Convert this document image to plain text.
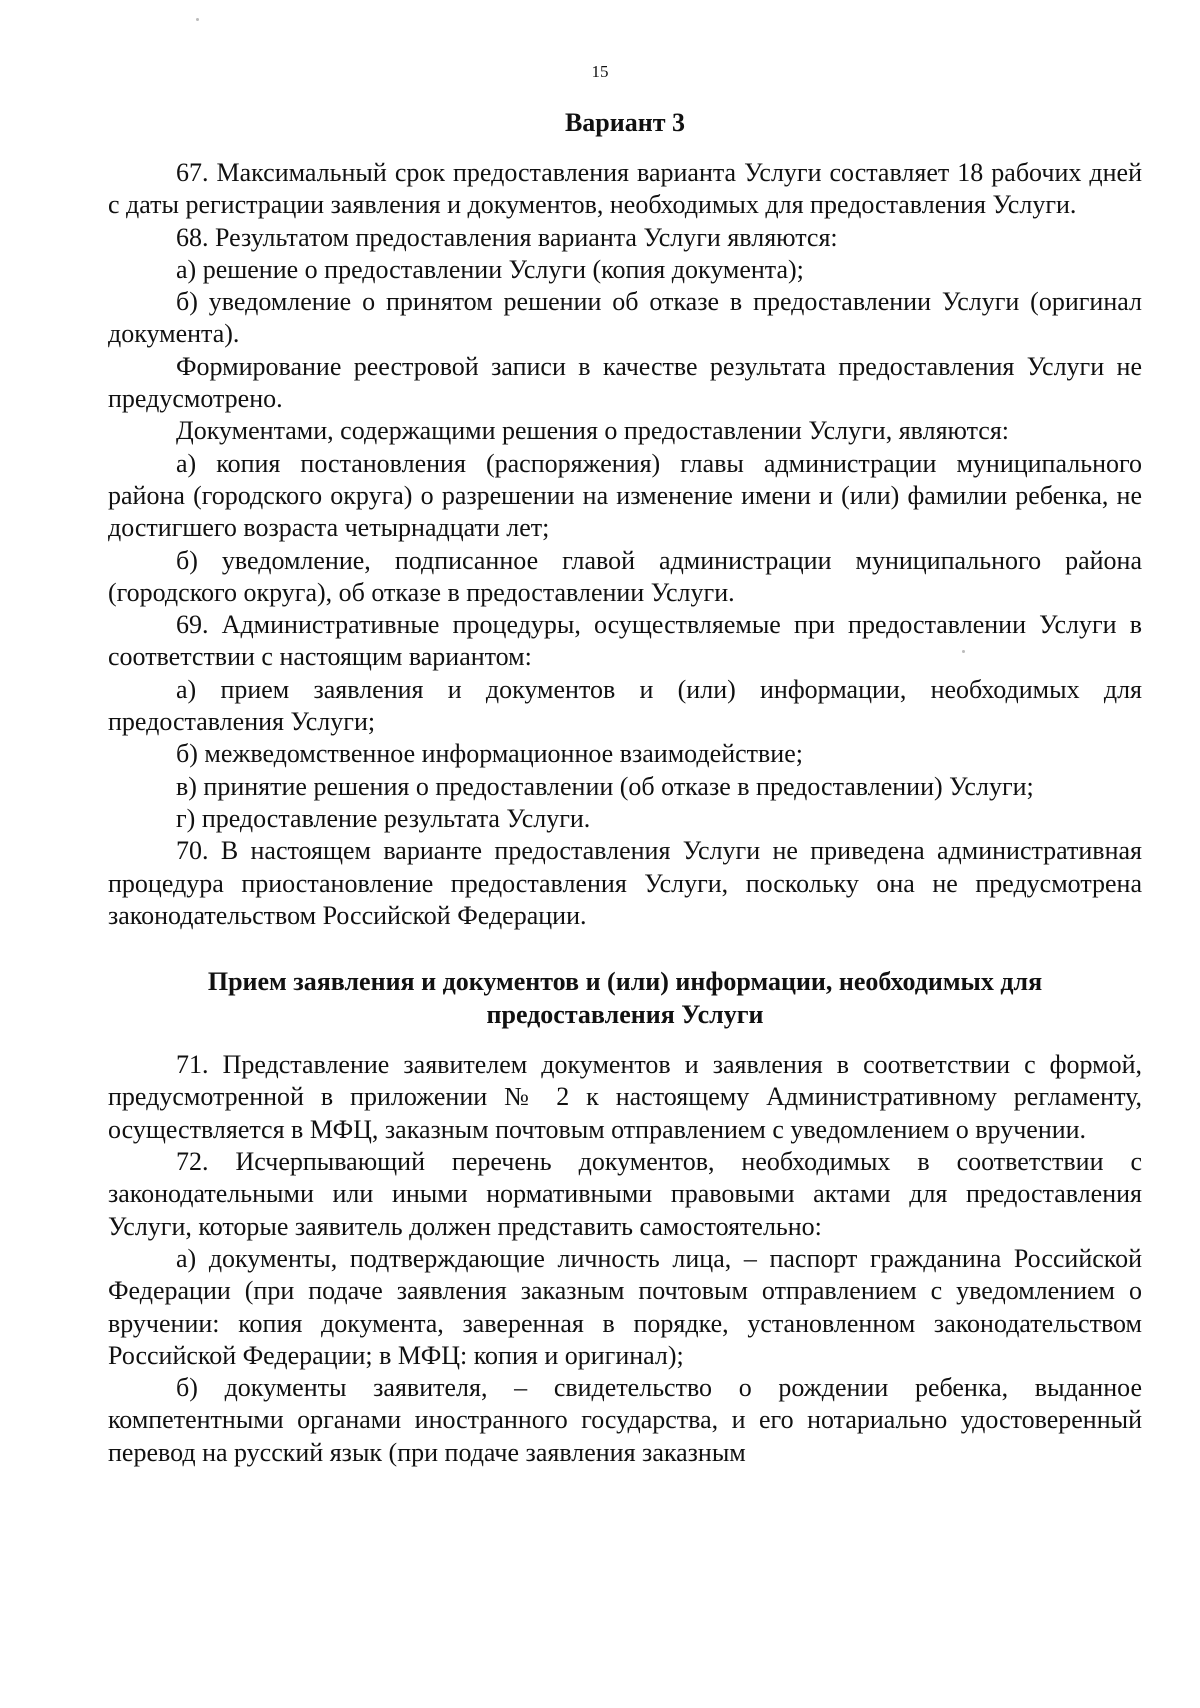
15
Вариант 3

67. Максимальный срок предоставления варианта Услуги составляет 18 рабочих дней с даты регистрации заявления и документов, необходимых для предоставления Услуги.

68. Результатом предоставления варианта Услуги являются:

а) решение о предоставлении Услуги (копия документа);

б) уведомление о принятом решении об отказе в предоставлении Услуги (оригинал документа).

Формирование реестровой записи в качестве результата предоставления Услуги не предусмотрено.

Документами, содержащими решения о предоставлении Услуги, являются:

а) копия постановления (распоряжения) главы администрации муниципального района (городского округа) о разрешении на изменение имени и (или) фамилии ребенка, не достигшего возраста четырнадцати лет;

б) уведомление, подписанное главой администрации муниципального района (городского округа), об отказе в предоставлении Услуги.

69. Административные процедуры, осуществляемые при предоставлении Услуги в соответствии с настоящим вариантом:

а) прием заявления и документов и (или) информации, необходимых для предоставления Услуги;

б) межведомственное информационное взаимодействие;

в) принятие решения о предоставлении (об отказе в предоставлении) Услуги;

г) предоставление результата Услуги.

70. В настоящем варианте предоставления Услуги не приведена административная процедура приостановление предоставления Услуги, поскольку она не предусмотрена законодательством Российской Федерации.

Прием заявления и документов и (или) информации, необходимых для
предоставления Услуги

71. Представление заявителем документов и заявления в соответствии с формой, предусмотренной в приложении № 2 к настоящему Административному регламенту, осуществляется в МФЦ, заказным почтовым отправлением с уведомлением о вручении.

72. Исчерпывающий перечень документов, необходимых в соответствии с законодательными или иными нормативными правовыми актами для предоставления Услуги, которые заявитель должен представить самостоятельно:

а) документы, подтверждающие личность лица, – паспорт гражданина Российской Федерации (при подаче заявления заказным почтовым отправлением с уведомлением о вручении: копия документа, заверенная в порядке, установленном законодательством Российской Федерации; в МФЦ: копия и оригинал);

б) документы заявителя, – свидетельство о рождении ребенка, выданное компетентными органами иностранного государства, и его нотариально удостоверенный перевод на русский язык (при подаче заявления заказным
